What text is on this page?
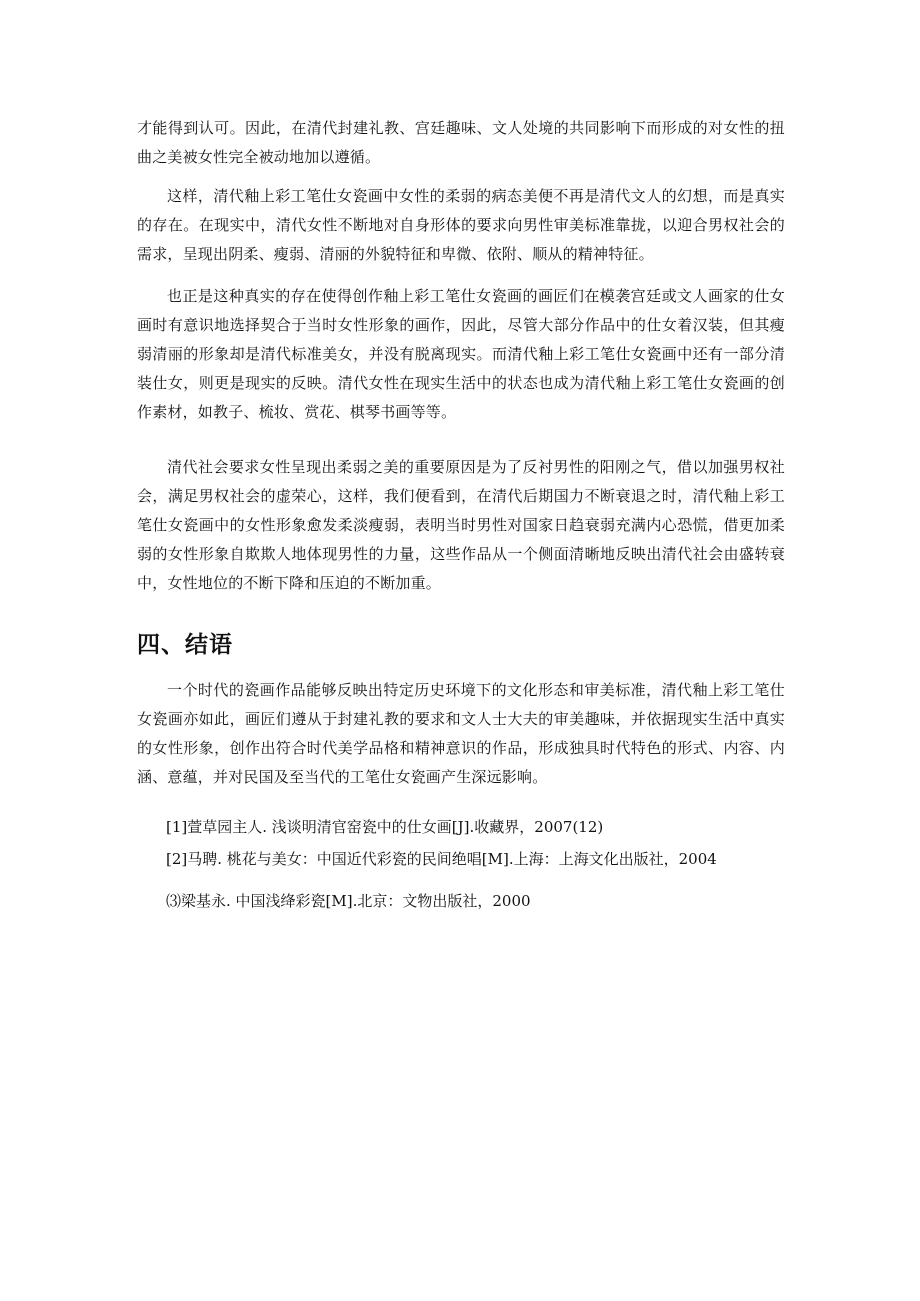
才能得到认可。因此，在清代封建礼教、宫廷趣味、文人处境的共同影响下而形成的对女性的扭曲之美被女性完全被动地加以遵循。

这样，清代釉上彩工笔仕女瓷画中女性的柔弱的病态美便不再是清代文人的幻想，而是真实的存在。在现实中，清代女性不断地对自身形体的要求向男性审美标准靠拢，以迎合男权社会的需求，呈现出阴柔、瘦弱、清丽的外貌特征和卑微、依附、顺从的精神特征。

也正是这种真实的存在使得创作釉上彩工笔仕女瓷画的画匠们在模袭宫廷或文人画家的仕女画时有意识地选择契合于当时女性形象的画作，因此，尽管大部分作品中的仕女着汉装，但其瘦弱清丽的形象却是清代标准美女，并没有脱离现实。而清代釉上彩工笔仕女瓷画中还有一部分清装仕女，则更是现实的反映。清代女性在现实生活中的状态也成为清代釉上彩工笔仕女瓷画的创作素材，如教子、梳妆、赏花、棋琴书画等等。

清代社会要求女性呈现出柔弱之美的重要原因是为了反衬男性的阳刚之气，借以加强男权社会，满足男权社会的虚荣心，这样，我们便看到，在清代后期国力不断衰退之时，清代釉上彩工笔仕女瓷画中的女性形象愈发柔淡瘦弱，表明当时男性对国家日趋衰弱充满内心恐慌，借更加柔弱的女性形象自欺欺人地体现男性的力量，这些作品从一个侧面清晰地反映出清代社会由盛转衰中，女性地位的不断下降和压迫的不断加重。

四、结语

一个时代的瓷画作品能够反映出特定历史环境下的文化形态和审美标准，清代釉上彩工笔仕女瓷画亦如此，画匠们遵从于封建礼教的要求和文人士大夫的审美趣味，并依据现实生活中真实的女性形象，创作出符合时代美学品格和精神意识的作品，形成独具时代特色的形式、内容、内涵、意蕴，并对民国及至当代的工笔仕女瓷画产生深远影响。

[1]萱草园主人. 浅谈明清官窑瓷中的仕女画[J].收藏界，2007(12)

[2]马聘. 桃花与美女：中国近代彩瓷的民间绝唱[M].上海：上海文化出版社，2004

⑶梁基永. 中国浅绛彩瓷[M].北京：文物出版社，2000
